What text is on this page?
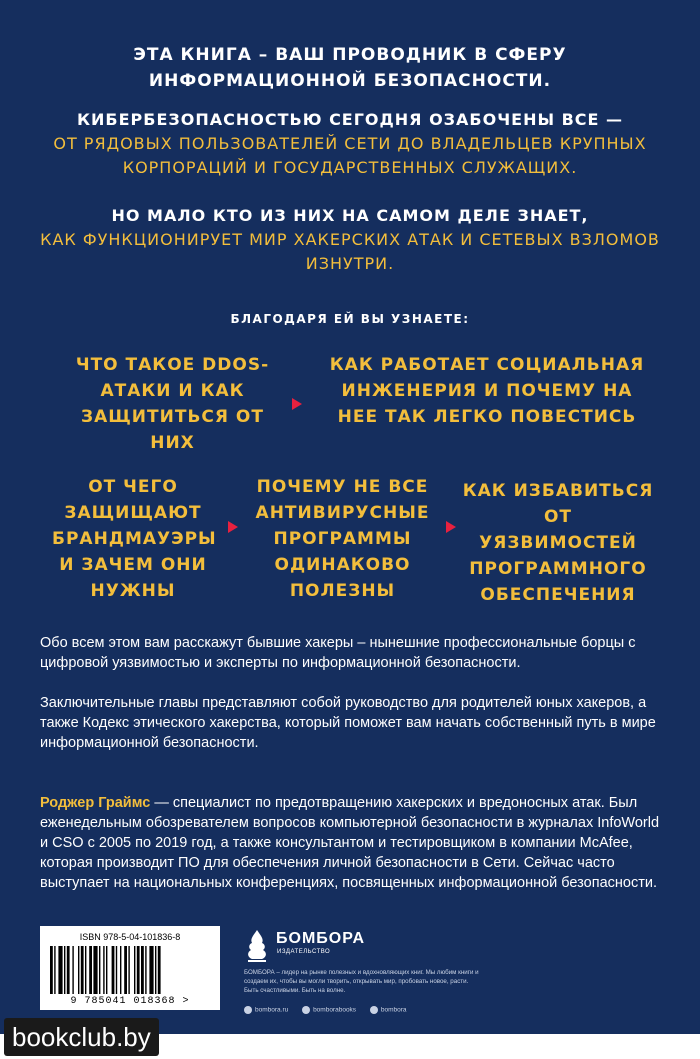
ЭТА КНИГА – ВАШ ПРОВОДНИК В СФЕРУ ИНФОРМАЦИОННОЙ БЕЗОПАСНОСТИ.
КИБЕРБЕЗОПАСНОСТЬЮ СЕГОДНЯ ОЗАБОЧЕНЫ ВСЕ —
ОТ РЯДОВЫХ ПОЛЬЗОВАТЕЛЕЙ СЕТИ ДО ВЛАДЕЛЬЦЕВ КРУПНЫХ КОРПОРАЦИЙ И ГОСУДАРСТВЕННЫХ СЛУЖАЩИХ.
НО МАЛО КТО ИЗ НИХ НА САМОМ ДЕЛЕ ЗНАЕТ,
КАК ФУНКЦИОНИРУЕТ МИР ХАКЕРСКИХ АТАК И СЕТЕВЫХ ВЗЛОМОВ ИЗНУТРИ.
БЛАГОДАРЯ ЕЙ ВЫ УЗНАЕТЕ:
ЧТО ТАКОЕ DDOS-АТАКИ И КАК ЗАЩИТИТЬСЯ ОТ НИХ
КАК РАБОТАЕТ СОЦИАЛЬНАЯ ИНЖЕНЕРИЯ И ПОЧЕМУ НА НЕЕ ТАК ЛЕГКО ПОВЕСТИСЬ
ОТ ЧЕГО ЗАЩИЩАЮТ БРАНДМАУЭРЫ И ЗАЧЕМ ОНИ НУЖНЫ
ПОЧЕМУ НЕ ВСЕ АНТИВИРУСНЫЕ ПРОГРАММЫ ОДИНАКОВО ПОЛЕЗНЫ
КАК ИЗБАВИТЬСЯ ОТ УЯЗВИМОСТЕЙ ПРОГРАММНОГО ОБЕСПЕЧЕНИЯ
Обо всем этом вам расскажут бывшие хакеры – нынешние профессиональные борцы с цифровой уязвимостью и эксперты по информационной безопасности.
Заключительные главы представляют собой руководство для родителей юных хакеров, а также Кодекс этического хакерства, который поможет вам начать собственный путь в мире информационной безопасности.
Роджер Граймс — специалист по предотвращению хакерских и вредоносных атак. Был еженедельным обозревателем вопросов компьютерной безопасности в журналах InfoWorld и CSO с 2005 по 2019 год, а также консультантом и тестировщиком в компании McAfee, которая производит ПО для обеспечения личной безопасности в Сети. Сейчас часто выступает на национальных конференциях, посвященных информационной безопасности.
ISBN 978-5-04-101836-8
9 785041 018368 >
БОМБОРА
ИЗДАТЕЛЬСТВО
БОМБОРА – лидер на рынке полезных и вдохновляющих книг. Мы любим книги и создаем их, чтобы вы могли творить, открывать мир, пробовать новое, расти. Быть счастливыми. Быть на волне.
bombora.ru	bomborabooks	bombora
bookclub.by
